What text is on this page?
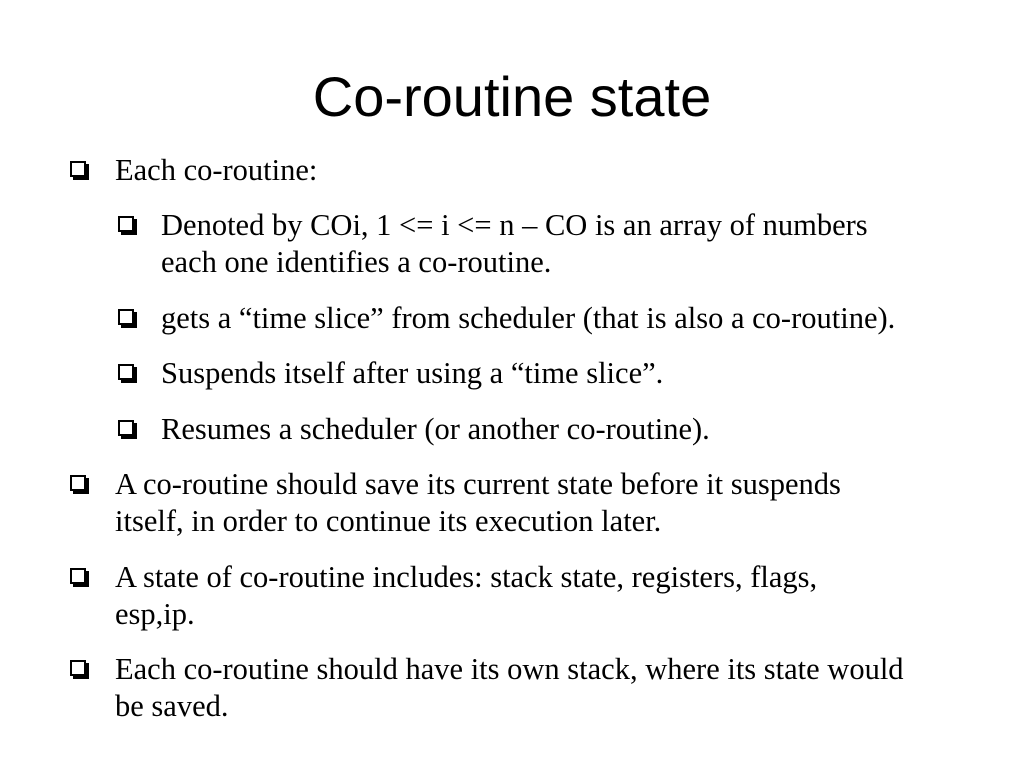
Co-routine state
Each co-routine:
Denoted by COi, 1 <= i <= n – CO is an array of numbers
each one identifies a co-routine.
gets a “time slice” from scheduler (that is also a co-routine).
Suspends itself after using a “time slice”.
Resumes a scheduler (or another co-routine).
A co-routine should save its current state before it suspends
itself, in order to continue its execution later.
A state of co-routine includes: stack state, registers, flags,
esp,ip.
Each co-routine should have its own stack, where its state would
be saved.
